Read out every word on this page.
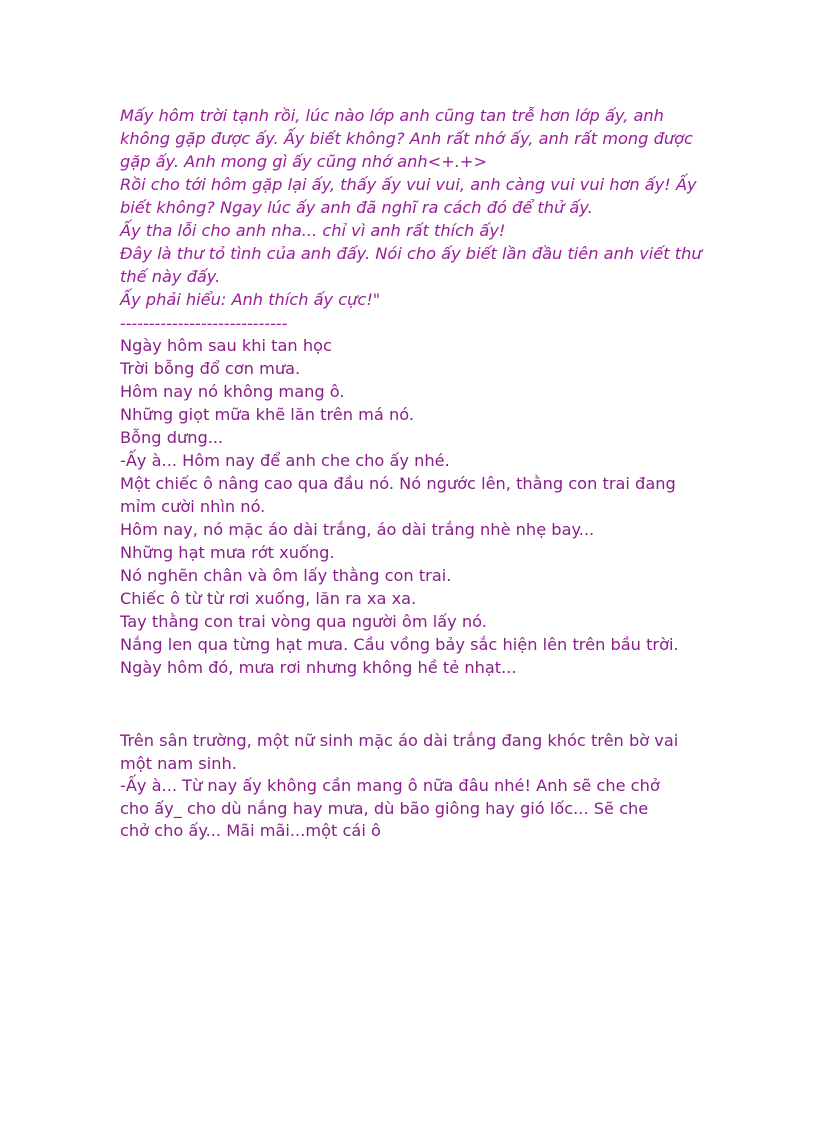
Mấy hôm trời tạnh rồi, lúc nào lớp anh cũng tan trễ hơn lớp ấy, anh
không gặp được ấy. Ấy biết không? Anh rất nhớ ấy, anh rất mong được
gặp ấy. Anh mong gì ấy cũng nhớ anh<+.+>
Rồi cho tới hôm gặp lại ấy, thấy ấy vui vui, anh càng vui vui hơn ấy! Ấy
biết không? Ngay lúc ấy anh đã nghĩ ra cách đó để thử ấy.
Ấy tha lỗi cho anh nha... chỉ vì anh rất thích ấy!
Đây là thư tỏ tình của anh đấy. Nói cho ấy biết lần đầu tiên anh viết thư
thế này đấy.
Ấy phải hiểu: Anh thích ấy cực!"
-----------------------------
Ngày hôm sau khi tan học
Trời bỗng đổ cơn mưa.
Hôm nay nó không mang ô.
Những giọt mữa khẽ lăn trên má nó.
Bỗng dưng...
-Ấy à... Hôm nay để anh che cho ấy nhé.
Một chiếc ô nâng cao qua đầu nó. Nó ngước lên, thằng con trai đang
mỉm cười nhìn nó.
Hôm nay, nó mặc áo dài trắng, áo dài trắng nhè nhẹ bay...
Những hạt mưa rớt xuống.
Nó nghẽn chân và ôm lấy thằng con trai.
Chiếc ô từ từ rơi xuống, lăn ra xa xa.
Tay thằng con trai vòng qua người ôm lấy nó.
Nắng len qua từng hạt mưa. Cầu vồng bảy sắc hiện lên trên bầu trời.
Ngày hôm đó, mưa rơi nhưng không hề tẻ nhạt...
Trên sân trường, một nữ sinh mặc áo dài trắng đang khóc trên bờ vai
một nam sinh.
-Ấy à... Từ nay ấy không cần mang ô nữa đâu nhé! Anh sẽ che chở
cho ấy_ cho dù nắng hay mưa, dù bão giông hay gió lốc... Sẽ che
chở cho ấy... Mãi mãi...một cái ô
